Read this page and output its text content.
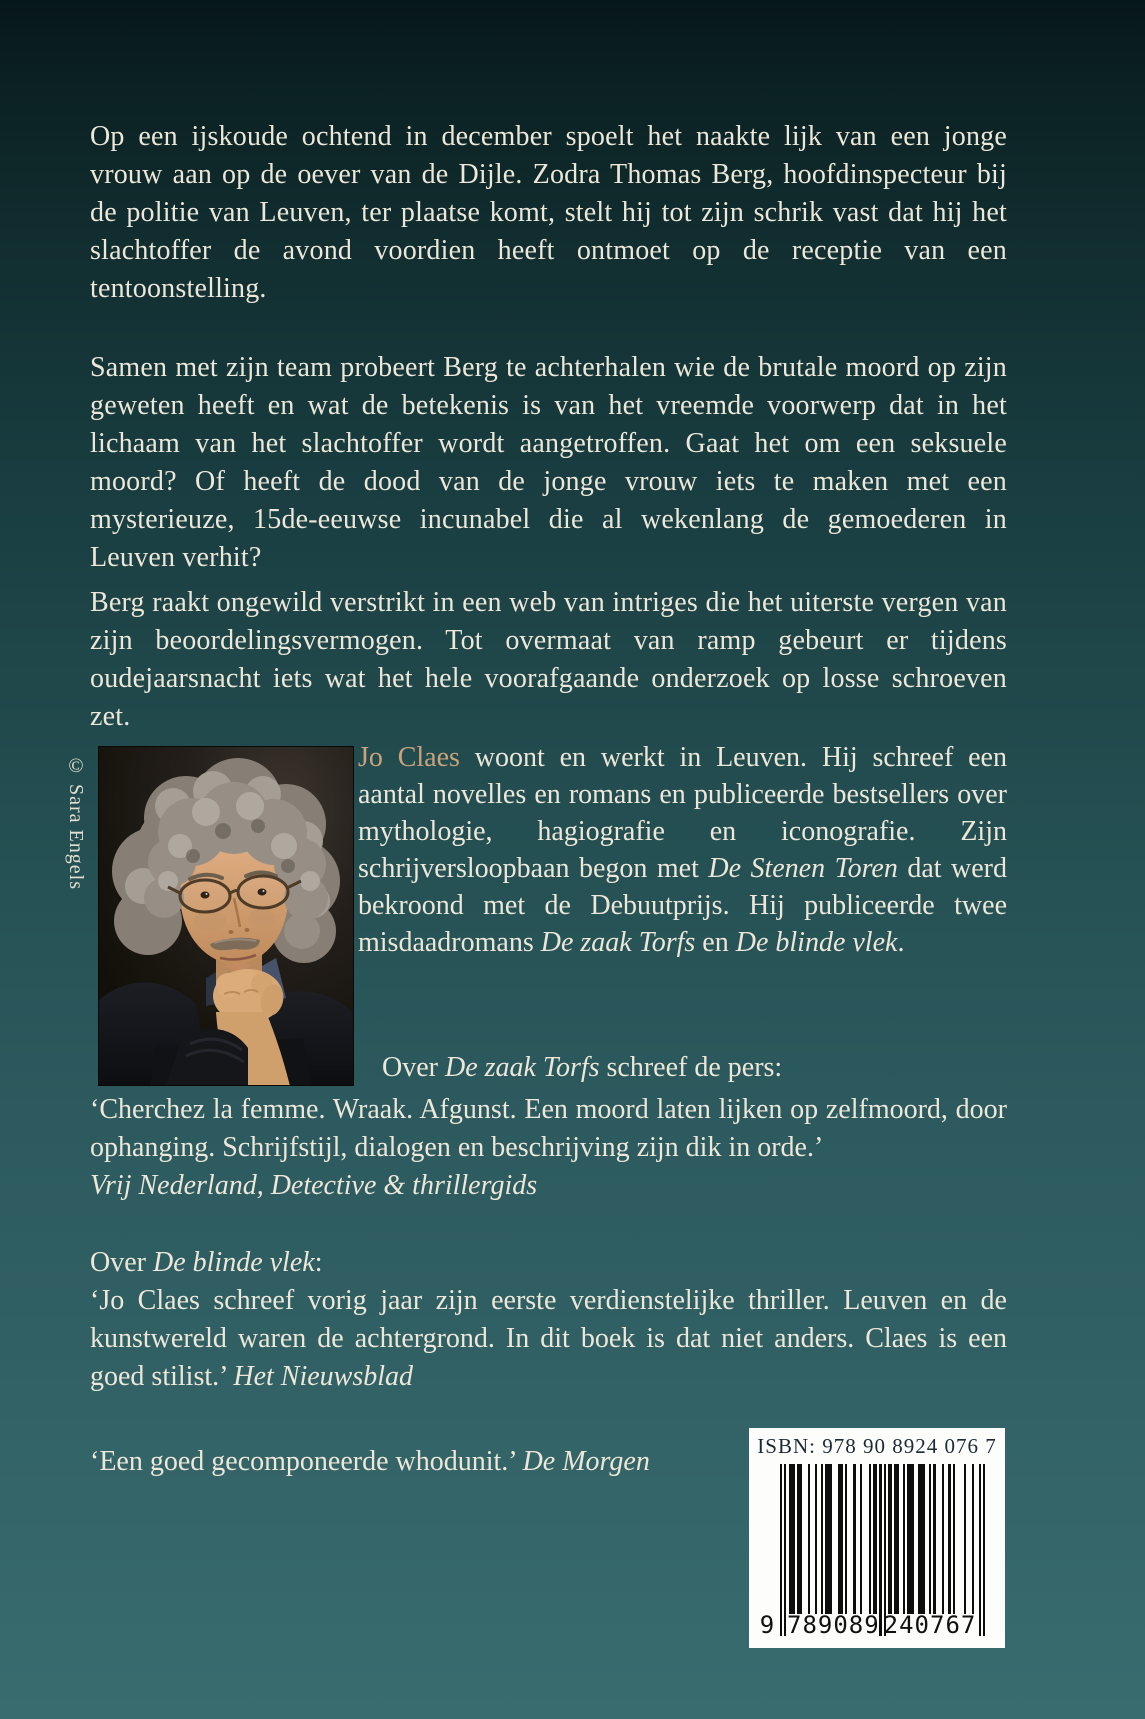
Op een ijskoude ochtend in december spoelt het naakte lijk van een jonge vrouw aan op de oever van de Dijle. Zodra Thomas Berg, hoofdinspecteur bij de politie van Leuven, ter plaatse komt, stelt hij tot zijn schrik vast dat hij het slachtoffer de avond voordien heeft ontmoet op de receptie van een tentoonstelling.

Samen met zijn team probeert Berg te achterhalen wie de brutale moord op zijn geweten heeft en wat de betekenis is van het vreemde voorwerp dat in het lichaam van het slachtoffer wordt aangetroffen. Gaat het om een seksuele moord? Of heeft de dood van de jonge vrouw iets te maken met een mysterieuze, 15de-eeuwse incunabel die al wekenlang de gemoederen in Leuven verhit?

Berg raakt ongewild verstrikt in een web van intriges die het uiterste vergen van zijn beoordelingsvermogen. Tot overmaat van ramp gebeurt er tijdens oudejaarsnacht iets wat het hele voorafgaande onderzoek op losse schroeven zet.

© Sara Engels	Jo Claes woont en werkt in Leuven. Hij schreef een aantal novelles en romans en publiceerde bestsellers over mythologie, hagiografie en iconografie. Zijn schrijversloopbaan begon met De Stenen Toren dat werd bekroond met de Debuutprijs. Hij publiceerde twee misdaadromans De zaak Torfs en De blinde vlek.

Over De zaak Torfs schreef de pers:
‘Cherchez la femme. Wraak. Afgunst. Een moord laten lijken op zelfmoord, door ophanging. Schrijfstijl, dialogen en beschrijving zijn dik in orde.’
Vrij Nederland, Detective & thrillergids
Over De blinde vlek:
‘Jo Claes schreef vorig jaar zijn eerste verdienstelijke thriller. Leuven en de kunstwereld waren de achtergrond. In dit boek is dat niet anders. Claes is een goed stilist.’ Het Nieuwsblad
‘Een goed gecomponeerde whodunit.’ De Morgen	ISBN: 978 90 8924 076 7
9 789089 240767
